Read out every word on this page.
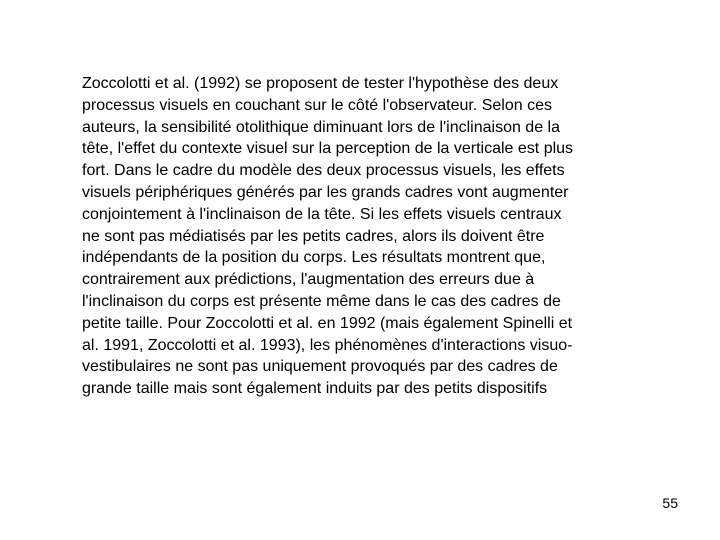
Zoccolotti et al. (1992) se proposent de tester l'hypothèse des deux
processus visuels en couchant sur le côté l'observateur. Selon ces
auteurs, la sensibilité otolithique diminuant lors de l'inclinaison de la
tête, l'effet du contexte visuel sur la perception de la verticale est plus
fort. Dans le cadre du modèle des deux processus visuels, les effets
visuels périphériques générés par les grands cadres vont augmenter
conjointement à l'inclinaison de la tête. Si les effets visuels centraux
ne sont pas médiatisés par les petits cadres, alors ils doivent être
indépendants de la position du corps. Les résultats montrent que,
contrairement aux prédictions, l'augmentation des erreurs due à
l'inclinaison du corps est présente même dans le cas des cadres de
petite taille. Pour Zoccolotti et al. en 1992 (mais également Spinelli et
al. 1991, Zoccolotti et al. 1993), les phénomènes d'interactions visuo-
vestibulaires ne sont pas uniquement provoqués par des cadres de
grande taille mais sont également induits par des petits dispositifs

55
